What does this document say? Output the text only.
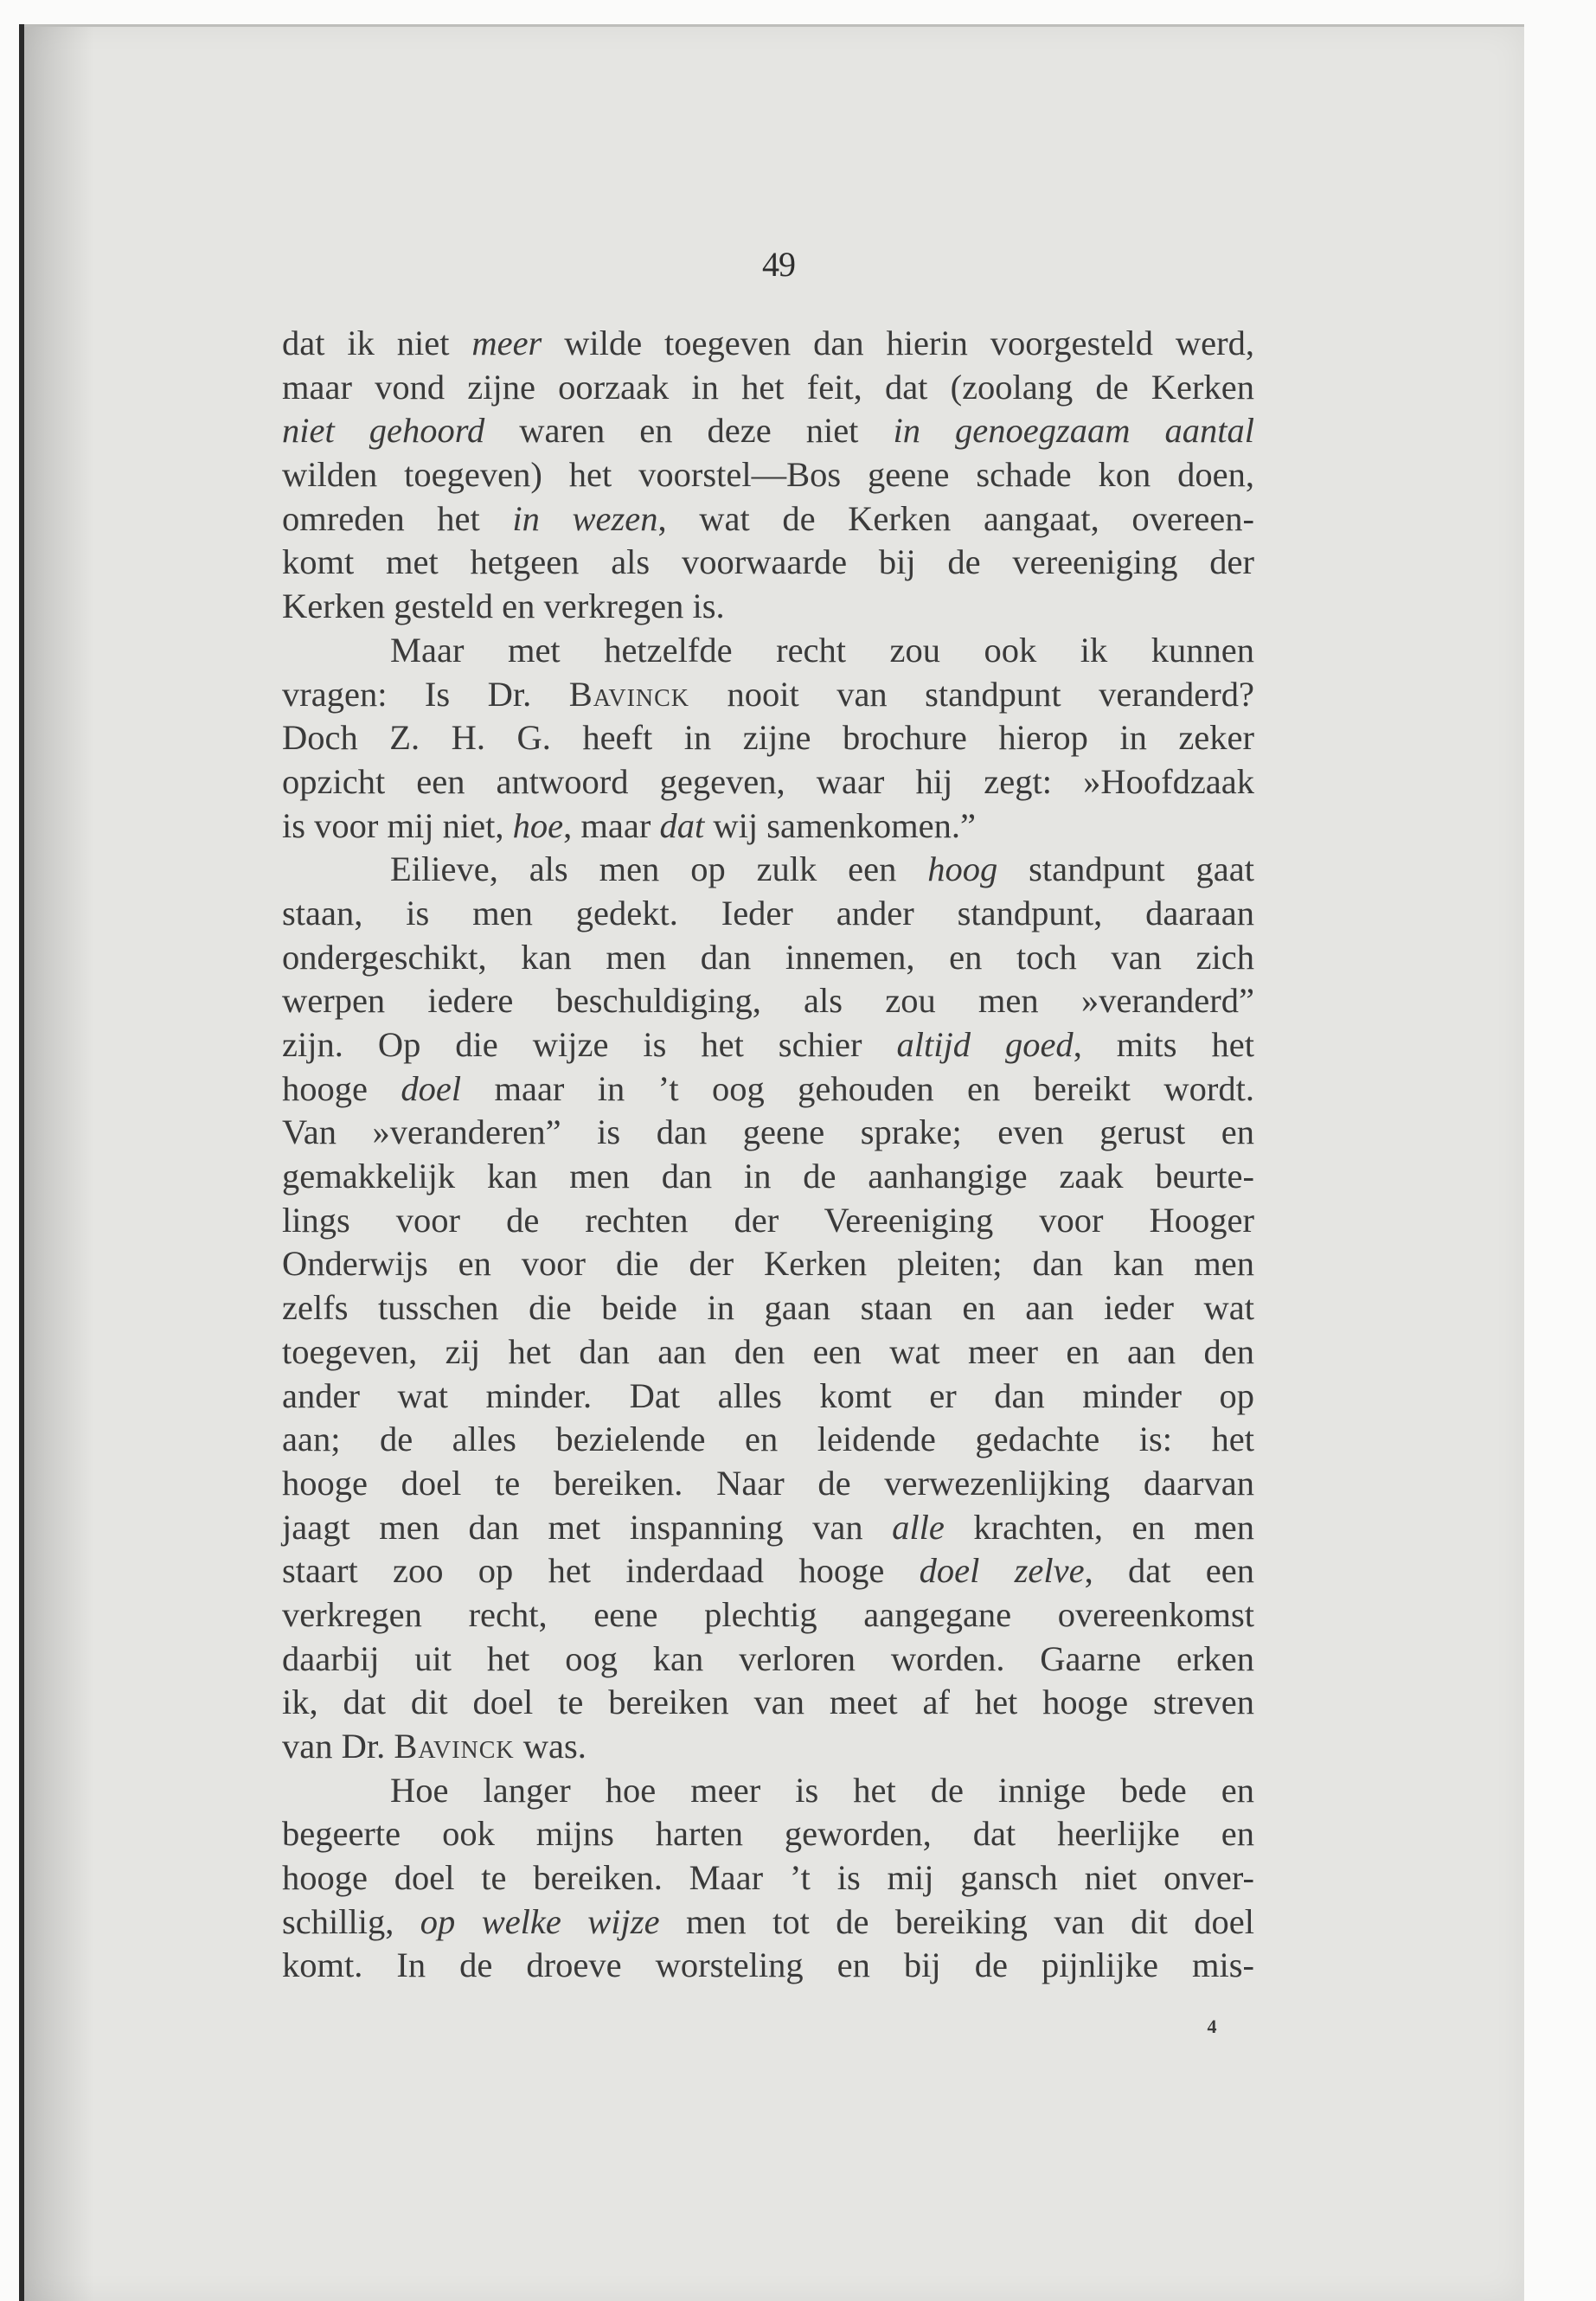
49
dat ik niet meer wilde toegeven dan hierin voorgesteld werd,
maar vond zijne oorzaak in het feit, dat (zoolang de Kerken
niet gehoord waren en deze niet in genoegzaam aantal
wilden toegeven) het voorstel—Bos geene schade kon doen,
omreden het in wezen, wat de Kerken aangaat, overeen-
komt met hetgeen als voorwaarde bij de vereeniging der
Kerken gesteld en verkregen is.
Maar met hetzelfde recht zou ook ik kunnen
vragen: Is Dr. Bavinck nooit van standpunt veranderd?
Doch Z. H. G. heeft in zijne brochure hierop in zeker
opzicht een antwoord gegeven, waar hij zegt: »Hoofdzaak
is voor mij niet, hoe, maar dat wij samenkomen.”
Eilieve, als men op zulk een hoog standpunt gaat
staan, is men gedekt. Ieder ander standpunt, daaraan
ondergeschikt, kan men dan innemen, en toch van zich
werpen iedere beschuldiging, als zou men »veranderd”
zijn. Op die wijze is het schier altijd goed, mits het
hooge doel maar in ’t oog gehouden en bereikt wordt.
Van »veranderen” is dan geene sprake; even gerust en
gemakkelijk kan men dan in de aanhangige zaak beurte-
lings voor de rechten der Vereeniging voor Hooger
Onderwijs en voor die der Kerken pleiten; dan kan men
zelfs tusschen die beide in gaan staan en aan ieder wat
toegeven, zij het dan aan den een wat meer en aan den
ander wat minder. Dat alles komt er dan minder op
aan; de alles bezielende en leidende gedachte is: het
hooge doel te bereiken. Naar de verwezenlijking daarvan
jaagt men dan met inspanning van alle krachten, en men
staart zoo op het inderdaad hooge doel zelve, dat een
verkregen recht, eene plechtig aangegane overeenkomst
daarbij uit het oog kan verloren worden. Gaarne erken
ik, dat dit doel te bereiken van meet af het hooge streven
van Dr. Bavinck was.
Hoe langer hoe meer is het de innige bede en
begeerte ook mijns harten geworden, dat heerlijke en
hooge doel te bereiken. Maar ’t is mij gansch niet onver-
schillig, op welke wijze men tot de bereiking van dit doel
komt. In de droeve worsteling en bij de pijnlijke mis-
4
